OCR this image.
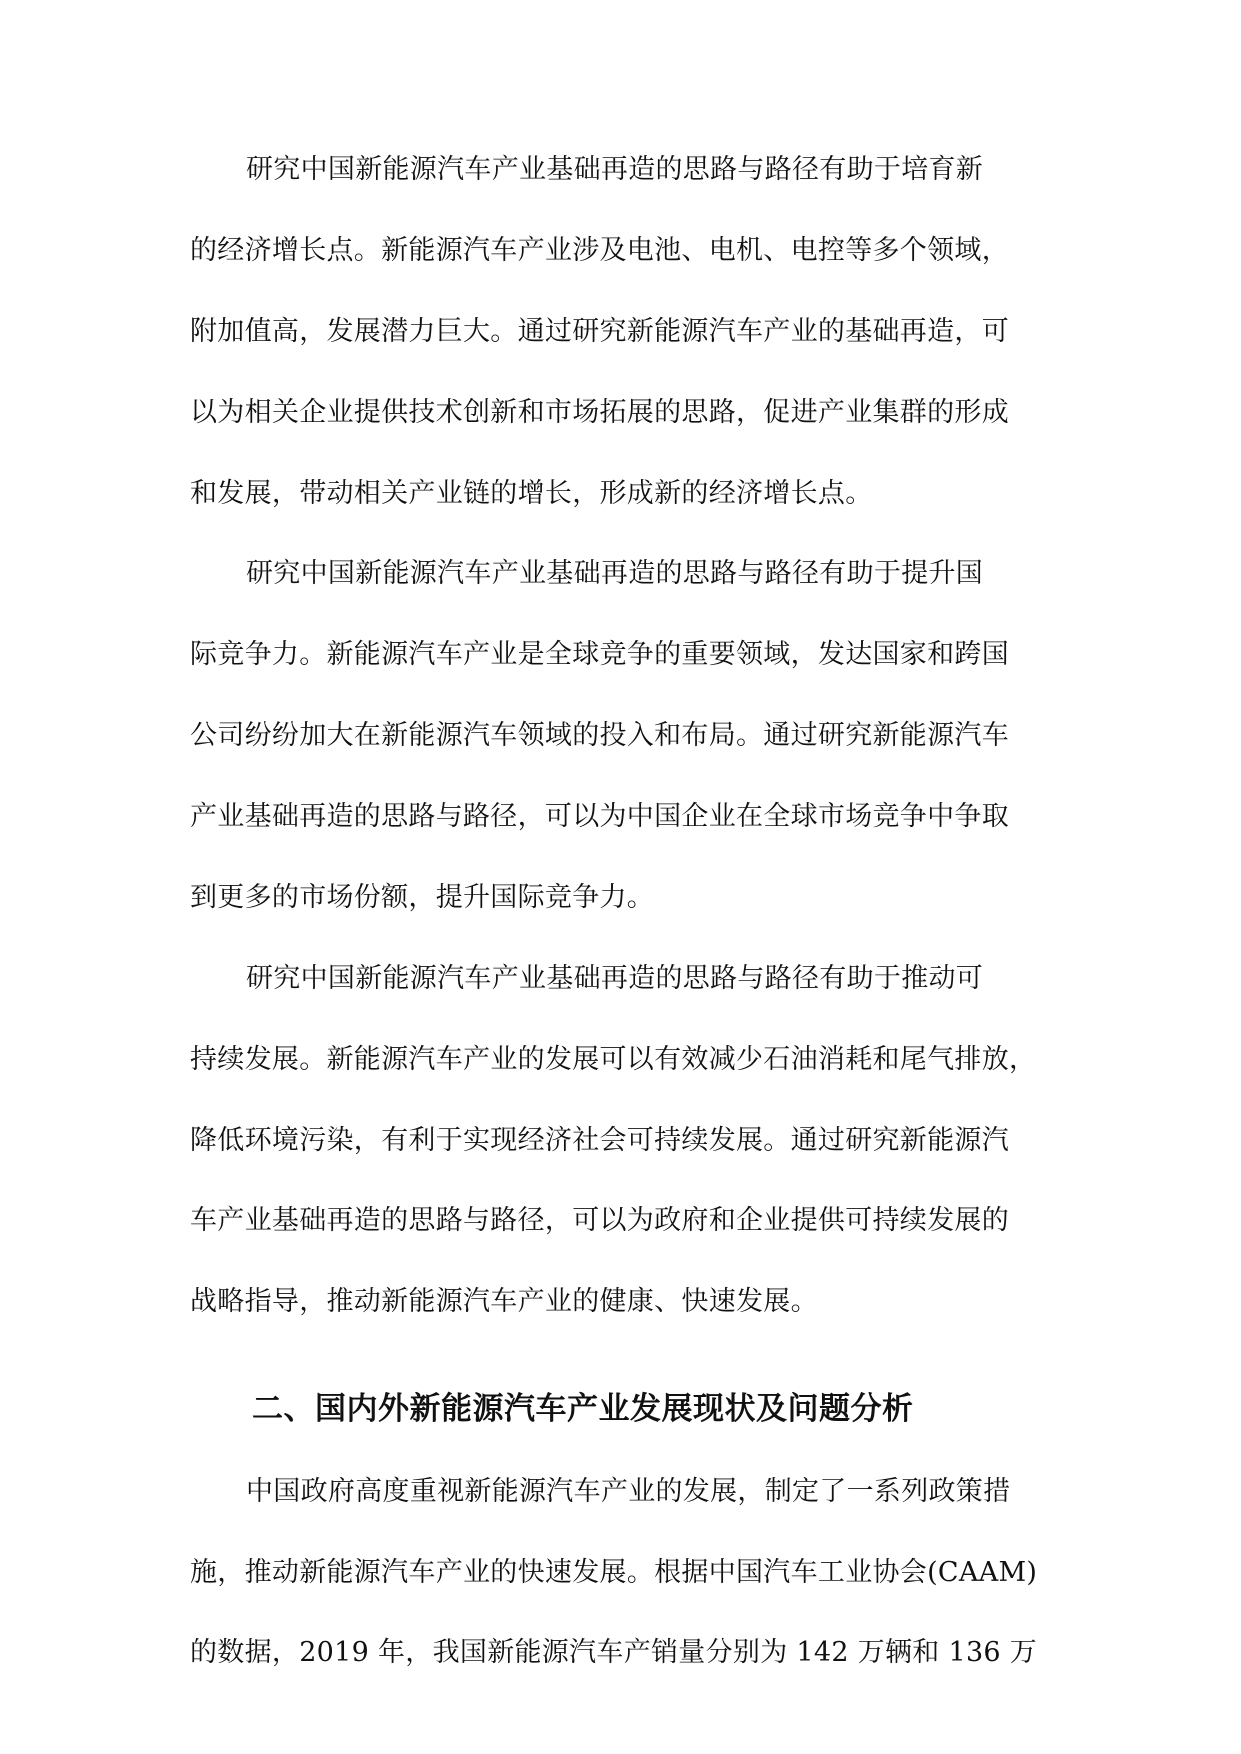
研究中国新能源汽车产业基础再造的思路与路径有助于培育新
的经济增长点。新能源汽车产业涉及电池、电机、电控等多个领域，
附加值高，发展潜力巨大。通过研究新能源汽车产业的基础再造，可
以为相关企业提供技术创新和市场拓展的思路，促进产业集群的形成
和发展，带动相关产业链的增长，形成新的经济增长点。
研究中国新能源汽车产业基础再造的思路与路径有助于提升国
际竞争力。新能源汽车产业是全球竞争的重要领域，发达国家和跨国
公司纷纷加大在新能源汽车领域的投入和布局。通过研究新能源汽车
产业基础再造的思路与路径，可以为中国企业在全球市场竞争中争取
到更多的市场份额，提升国际竞争力。
研究中国新能源汽车产业基础再造的思路与路径有助于推动可
持续发展。新能源汽车产业的发展可以有效减少石油消耗和尾气排放，
降低环境污染，有利于实现经济社会可持续发展。通过研究新能源汽
车产业基础再造的思路与路径，可以为政府和企业提供可持续发展的
战略指导，推动新能源汽车产业的健康、快速发展。
二、国内外新能源汽车产业发展现状及问题分析
中国政府高度重视新能源汽车产业的发展，制定了一系列政策措
施，推动新能源汽车产业的快速发展。根据中国汽车工业协会(CAAM)
的数据，2019 年，我国新能源汽车产销量分别为 142 万辆和 136 万
